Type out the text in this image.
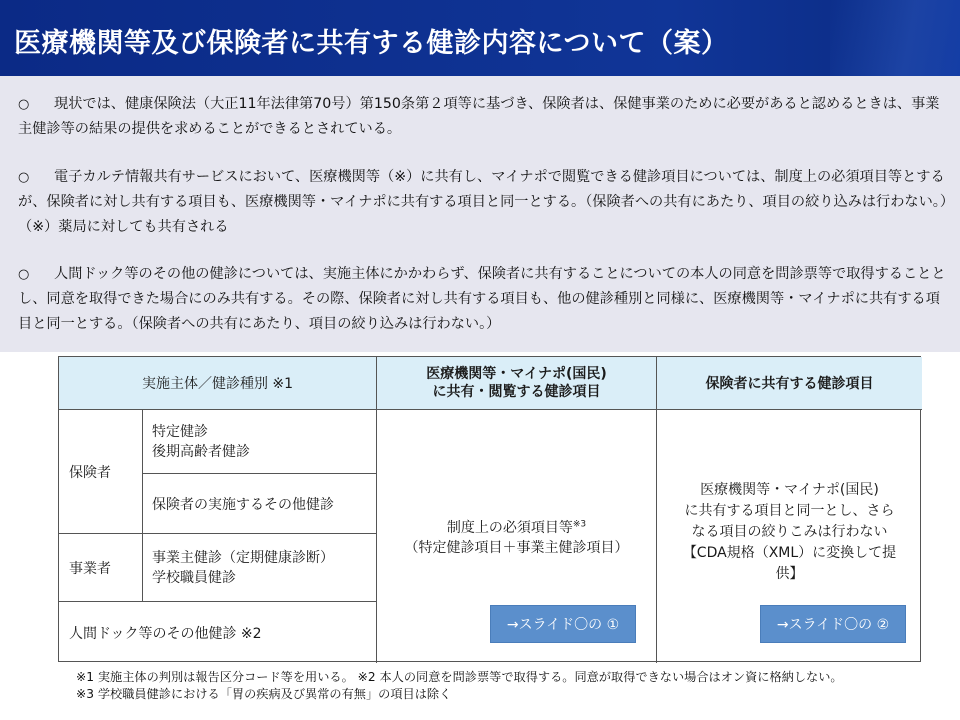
医療機関等及び保険者に共有する健診内容について（案）
○ 現状では、健康保険法（大正11年法律第70号）第150条第２項等に基づき、保険者は、保健事業のために必要があると認めるときは、事業主健診等の結果の提供を求めることができるとされている。
○ 電子カルテ情報共有サービスにおいて、医療機関等（※）に共有し、マイナポで閲覧できる健診項目については、制度上の必須項目等とするが、保険者に対し共有する項目も、医療機関等・マイナポに共有する項目と同一とする。（保険者への共有にあたり、項目の絞り込みは行わない。）（※）薬局に対しても共有される
○ 人間ドック等のその他の健診については、実施主体にかかわらず、保険者に共有することについての本人の同意を問診票等で取得することとし、同意を取得できた場合にのみ共有する。その際、保険者に対し共有する項目も、他の健診種別と同様に、医療機関等・マイナポに共有する項目と同一とする。（保険者への共有にあたり、項目の絞り込みは行わない。）
実施主体／健診種別 ※1
医療機関等・マイナポ(国民)
に共有・閲覧する健診項目	保険者に共有する健診項目
保険者
特定健診
後期高齢者健診
保険者の実施するその他健診
事業者
事業主健診（定期健康診断）
学校職員健診
人間ドック等のその他健診 ※2
制度上の必須項目等$^{※3}$
（特定健診項目＋事業主健診項目）
→スライド〇の ①
医療機関等・マイナポ(国民)
に共有する項目と同一とし、さら
なる項目の絞りこみは行わない
【CDA規格（XML）に変換して提
供】
→スライド〇の ②
※1 実施主体の判別は報告区分コード等を用いる。 ※2 本人の同意を問診票等で取得する。同意が取得できない場合はオン資に格納しない。
※3 学校職員健診における「胃の疾病及び異常の有無」の項目は除く
